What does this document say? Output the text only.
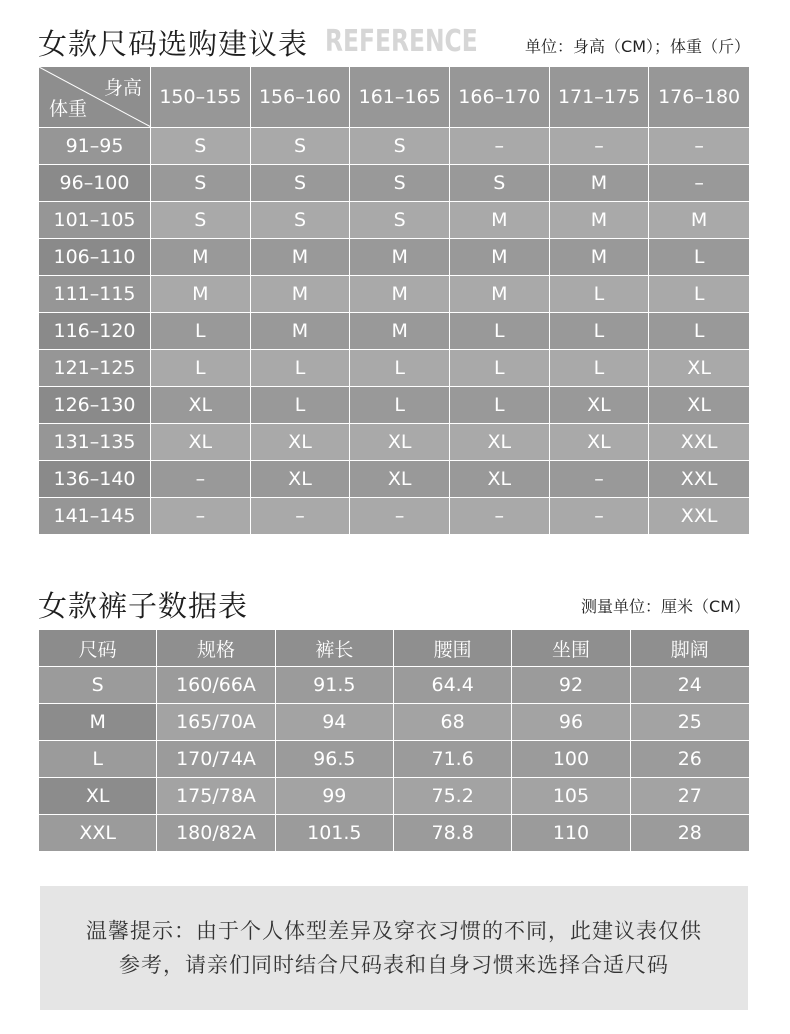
女款尺码选购建议表 REFERENCE	单位：身高（CM）；体重（斤）
身高
体重
150–155 156–160 161–165 166–170 171–175 176–180
91–95	S	S	S	–	–	–
96–100	S	S	S	S	M	–
101–105	S	S	S	M	M	M
106–110	M	M	M	M	M	L
111–115	M	M	M	M	L	L
116–120	L	M	M	L	L	L
121–125	L	L	L	L	L	XL
126–130	XL	L	L	L	XL	XL
131–135	XL	XL	XL	XL	XL	XXL
136–140	–	XL	XL	XL	–	XXL
141–145	–	–	–	–	–	XXL
女款裤子数据表	测量单位：厘米（CM）
尺码	规格	裤长	腰围	坐围	脚阔
S	160/66A	91.5	64.4	92	24
M	165/70A	94	68	96	25
L	170/74A	96.5	71.6	100	26
XL	175/78A	99	75.2	105	27
XXL	180/82A	101.5	78.8	110	28
温馨提示：由于个人体型差异及穿衣习惯的不同，此建议表仅供
参考，请亲们同时结合尺码表和自身习惯来选择合适尺码
